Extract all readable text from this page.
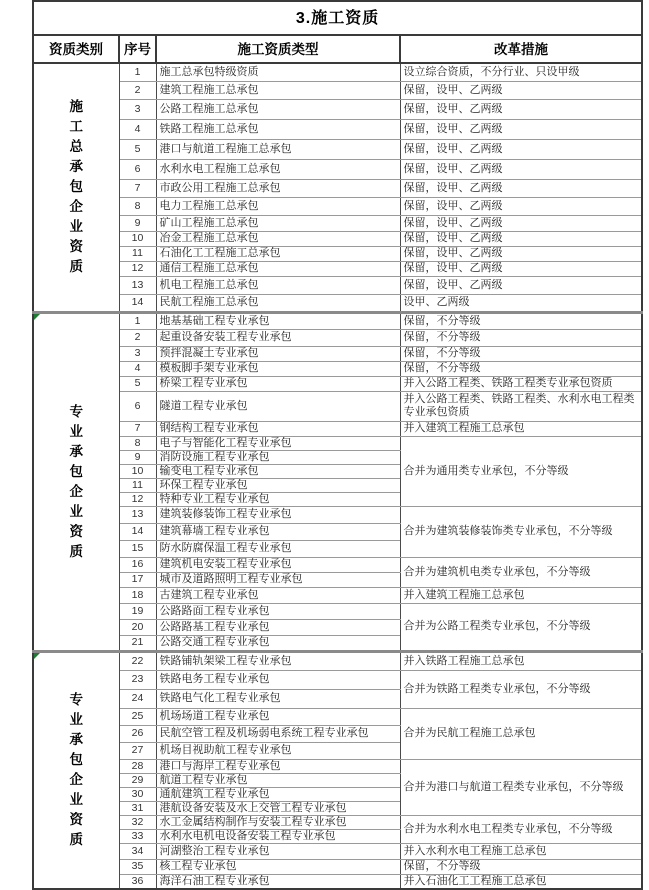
3.施工资质			
资质类别	序号	施工资质类型	改革措施

施工总承包企业资质	1	施工总承包特级资质	设立综合资质，不分行业、只设甲级
	2	建筑工程施工总承包	保留，设甲、乙两级
	3	公路工程施工总承包	保留，设甲、乙两级
	4	铁路工程施工总承包	保留，设甲、乙两级
	5	港口与航道工程施工总承包	保留，设甲、乙两级
	6	水利水电工程施工总承包	保留，设甲、乙两级
	7	市政公用工程施工总承包	保留，设甲、乙两级
	8	电力工程施工总承包	保留，设甲、乙两级
	9	矿山工程施工总承包	保留，设甲、乙两级
	10	冶金工程施工总承包	保留，设甲、乙两级
	11	石油化工工程施工总承包	保留，设甲、乙两级
	12	通信工程施工总承包	保留，设甲、乙两级
	13	机电工程施工总承包	保留，设甲、乙两级
	14	民航工程施工总承包	设甲、乙两级

专业承包企业资质	1	地基基础工程专业承包	保留，不分等级
	2	起重设备安装工程专业承包	保留，不分等级
	3	预拌混凝土专业承包	保留，不分等级
	4	模板脚手架专业承包	保留，不分等级
	5	桥梁工程专业承包	并入公路工程类、铁路工程类专业承包资质
	6	隧道工程专业承包	并入公路工程类、铁路工程类、水利水电工程类专业承包资质
	7	钢结构工程专业承包	并入建筑工程施工总承包
	8	电子与智能化工程专业承包	合并为通用类专业承包，不分等级
	9	消防设施工程专业承包	
	10	输变电工程专业承包	
	11	环保工程专业承包	
	12	特种专业工程专业承包	
	13	建筑装修装饰工程专业承包	合并为建筑装修装饰类专业承包，不分等级
	14	建筑幕墙工程专业承包	
	15	防水防腐保温工程专业承包	
	16	建筑机电安装工程专业承包	合并为建筑机电类专业承包，不分等级
	17	城市及道路照明工程专业承包	
	18	古建筑工程专业承包	并入建筑工程施工总承包
	19	公路路面工程专业承包	合并为公路工程类专业承包，不分等级
	20	公路路基工程专业承包	
	21	公路交通工程专业承包	

专业承包企业资质	22	铁路铺轨架梁工程专业承包	并入铁路工程施工总承包
	23	铁路电务工程专业承包	合并为铁路工程类专业承包，不分等级
	24	铁路电气化工程专业承包	
	25	机场场道工程专业承包	合并为民航工程施工总承包
	26	民航空管工程及机场弱电系统工程专业承包	
	27	机场目视助航工程专业承包	
	28	港口与海岸工程专业承包	合并为港口与航道工程类专业承包，不分等级
	29	航道工程专业承包	
	30	通航建筑工程专业承包	
	31	港航设备安装及水上交管工程专业承包	
	32	水工金属结构制作与安装工程专业承包	合并为水利水电工程类专业承包，不分等级
	33	水利水电机电设备安装工程专业承包	
	34	河湖整治工程专业承包	并入水利水电工程施工总承包
	35	核工程专业承包	保留，不分等级
	36	海洋石油工程专业承包	并入石油化工工程施工总承包
